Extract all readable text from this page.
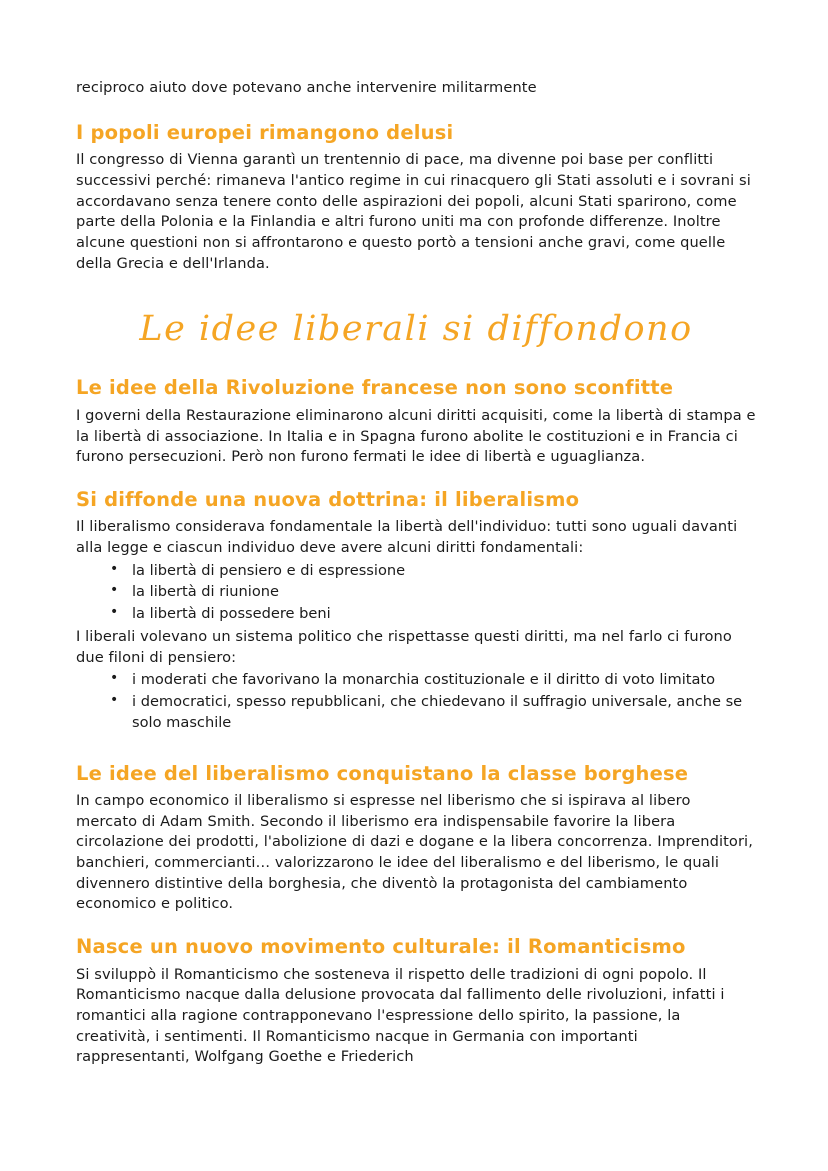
reciproco aiuto dove potevano anche intervenire militarmente

I popoli europei rimangono delusi

Il congresso di Vienna garantì un trentennio di pace, ma divenne poi base per conflitti successivi perché: rimaneva l'antico regime in cui rinacquero gli Stati assoluti e i sovrani si accordavano senza tenere conto delle aspirazioni dei popoli, alcuni Stati sparirono, come parte della Polonia e la Finlandia e altri furono uniti ma con profonde differenze. Inoltre alcune questioni non si affrontarono e questo portò a tensioni anche gravi, come quelle della Grecia e dell'Irlanda.

Le idee liberali si diffondono
Le idee della Rivoluzione francese non sono sconfitte

I governi della Restaurazione eliminarono alcuni diritti acquisiti, come la libertà di stampa e la libertà di associazione. In Italia e in Spagna furono abolite le costituzioni e in Francia ci furono persecuzioni. Però non furono fermati le idee di libertà e uguaglianza.

Si diffonde una nuova dottrina: il liberalismo

Il liberalismo considerava fondamentale la libertà dell'individuo: tutti sono uguali davanti alla legge e ciascun individuo deve avere alcuni diritti fondamentali:

• la libertà di pensiero e di espressione
• la libertà di riunione
• la libertà di possedere beni

I liberali volevano un sistema politico che rispettasse questi diritti, ma nel farlo ci furono due filoni di pensiero:

• i moderati che favorivano la monarchia costituzionale e il diritto di voto limitato
• i democratici, spesso repubblicani, che chiedevano il suffragio universale, anche se solo maschile
Le idee del liberalismo conquistano la classe borghese

In campo economico il liberalismo si espresse nel liberismo che si ispirava al libero mercato di Adam Smith. Secondo il liberismo era indispensabile favorire la libera circolazione dei prodotti, l'abolizione di dazi e dogane e la libera concorrenza. Imprenditori, banchieri, commercianti… valorizzarono le idee del liberalismo e del liberismo, le quali divennero distintive della borghesia, che diventò la protagonista del cambiamento economico e politico.

Nasce un nuovo movimento culturale: il Romanticismo

Si sviluppò il Romanticismo che sosteneva il rispetto delle tradizioni di ogni popolo. Il Romanticismo nacque dalla delusione provocata dal fallimento delle rivoluzioni, infatti i romantici alla ragione contrapponevano l'espressione dello spirito, la passione, la creatività, i sentimenti. Il Romanticismo nacque in Germania con importanti rappresentanti, Wolfgang Goethe e Friederich
